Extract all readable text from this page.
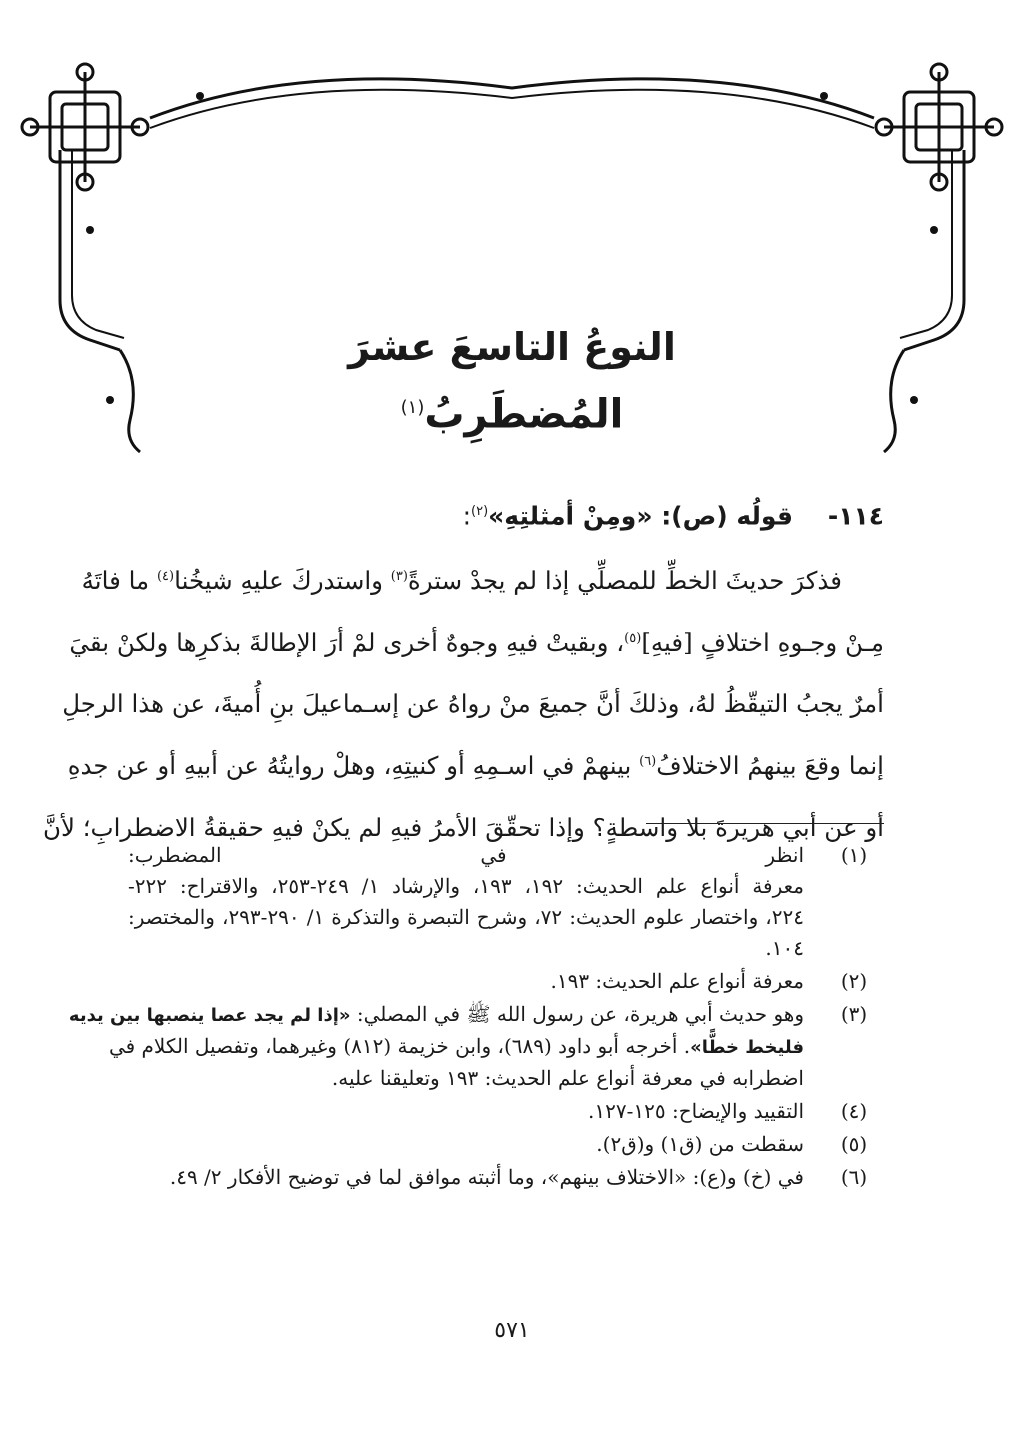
النوعُ التاسعَ عشرَ
المُضطَرِبُ$^{(١)}$
١١٤-    قولُه (ص): «ومِنْ أمثلتِهِ»$^{(٢)}$:
فذكرَ حديثَ الخطِّ للمصلِّي إذا لم يجدْ سترةً$^{(٣)}$ واستدركَ عليهِ شيخُنا$^{(٤)}$ ما فاتَهُ
مِـنْ وجـوهِ اختلافٍ [فيهِ]$^{(٥)}$، وبقيتْ فيهِ وجوهٌ أخرى لمْ أرَ الإطالةَ بذكرِها ولكنْ بقيَ
أمرٌ يجبُ التيقّظُ لهُ، وذلكَ أنَّ جميعَ منْ رواهُ عن إسـماعيلَ بنِ أُميةَ، عن هذا الرجلِ
إنما وقعَ بينهمُ الاختلافُ$^{(٦)}$ بينهمْ في اسـمِهِ أو كنيتِهِ، وهلْ روايتُهُ عن أبيهِ أو عن جدهِ
أو عن أبي هريرةَ بلا واسطةٍ؟ وإذا تحقّقَ الأمرُ فيهِ لم يكنْ فيهِ حقيقةُ الاضطرابِ؛ لأنَّ
(١)
انظر في المضطرب:
معرفة أنواع علم الحديث: ١٩٢، ١٩٣، والإرشاد ١/ ٢٤٩-٢٥٣، والاقتراح: ٢٢٢-
٢٢٤، واختصار علوم الحديث: ٧٢، وشرح التبصرة والتذكرة ١/ ٢٩٠-٢٩٣، والمختصر:
١٠٤.
(٢)
معرفة أنواع علم الحديث: ١٩٣.
(٣)
وهو حديث أبي هريرة، عن رسول الله ﷺ في المصلي: «إذا لم يجد عصا ينصبها بين يديه
فليخط خطًّا». أخرجه أبو داود (٦٨٩)، وابن خزيمة (٨١٢) وغيرهما، وتفصيل الكلام في
اضطرابه في معرفة أنواع علم الحديث: ١٩٣ وتعليقنا عليه.
(٤)
التقييد والإيضاح: ١٢٥-١٢٧.
(٥)
سقطت من (ق١) و(ق٢).
(٦)
في (خ) و(ع): «الاختلاف بينهم»، وما أثبته موافق لما في توضيح الأفكار ٢/ ٤٩.
٥٧١
